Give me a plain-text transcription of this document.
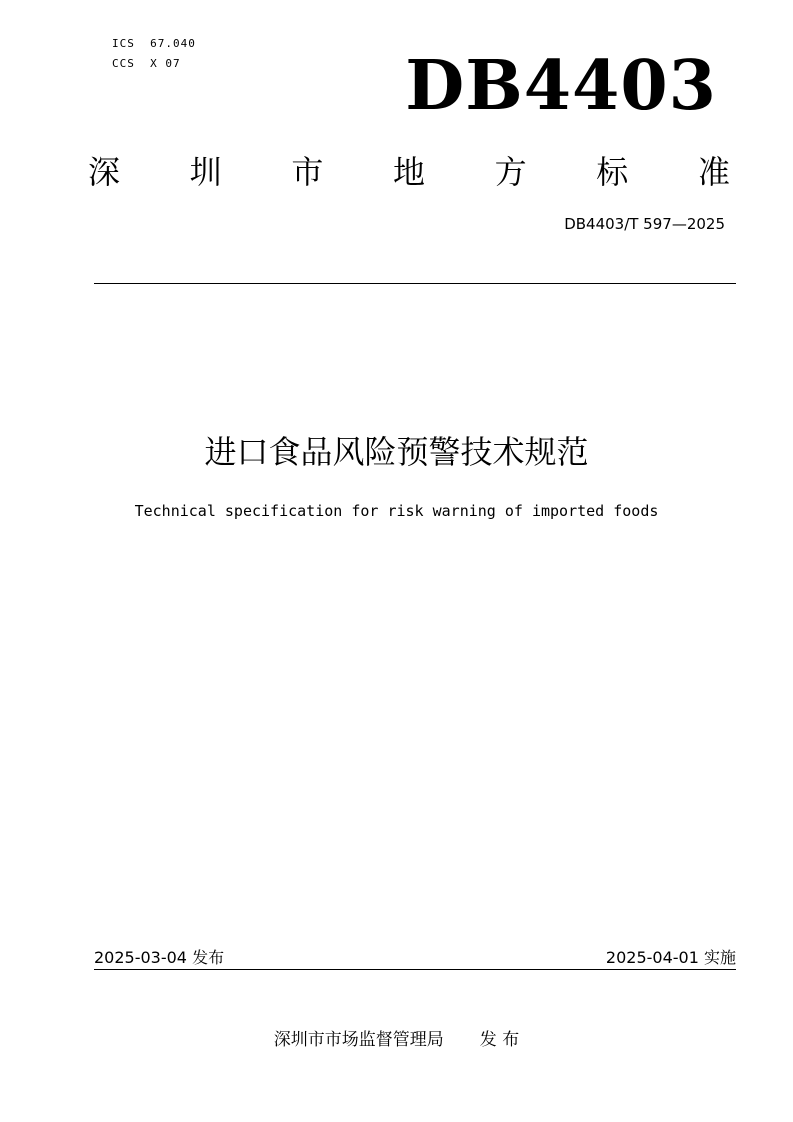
ICS  67.040
CCS  X 07	DB4403
深 圳 市 地 方 标 准
DB4403/T 597—2025
进口食品风险预警技术规范
Technical specification for risk warning of imported foods
2025-03-04 发布	2025-04-01 实施
深圳市市场监督管理局 发 布
